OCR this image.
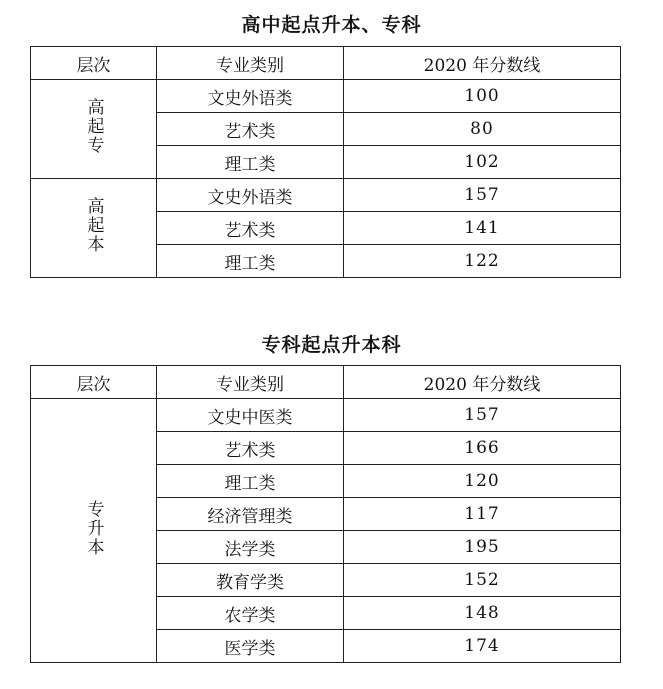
高中起点升本、专科
层次	专业类别	2020 年分数线
高起专	文史外语类	100
	艺术类	80
	理工类	102
高起本	文史外语类	157
	艺术类	141
	理工类	122
专科起点升本科
层次	专业类别	2020 年分数线
专升本	文史中医类	157
	艺术类	166
	理工类	120
	经济管理类	117
	法学类	195
	教育学类	152
	农学类	148
	医学类	174
